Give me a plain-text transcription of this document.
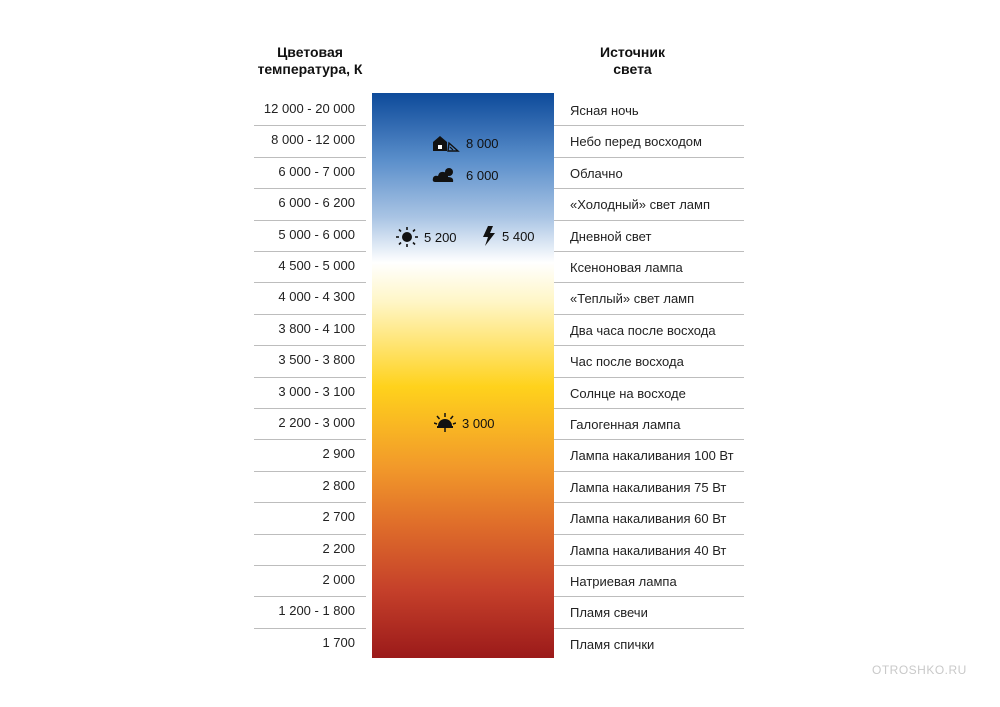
Цветовая
температура, К
Источник
света
12 000 - 20 000	Ясная ночь
8 000 - 12 000	Небо перед восходом
6 000 - 7 000	Облачно
6 000 - 6 200	«Холодный» свет ламп
5 000 - 6 000	Дневной свет
4 500 - 5 000	Ксеноновая лампа
4 000 - 4 300	«Теплый» свет ламп
3 800 - 4 100	Два часа после восхода
3 500 - 3 800	Час после восхода
3 000 - 3 100	Солнце на восходе
2 200 - 3 000	Галогенная лампа
2 900	Лампа накаливания 100 Вт
2 800	Лампа накаливания 75 Вт
2 700	Лампа накаливания 60 Вт
2 200	Лампа накаливания 40 Вт
2 000	Натриевая лампа
1 200 - 1 800	Пламя свечи
1 700	Пламя спички
8 000
6 000
5 200	5 400
3 000
OTROSHKO.RU
